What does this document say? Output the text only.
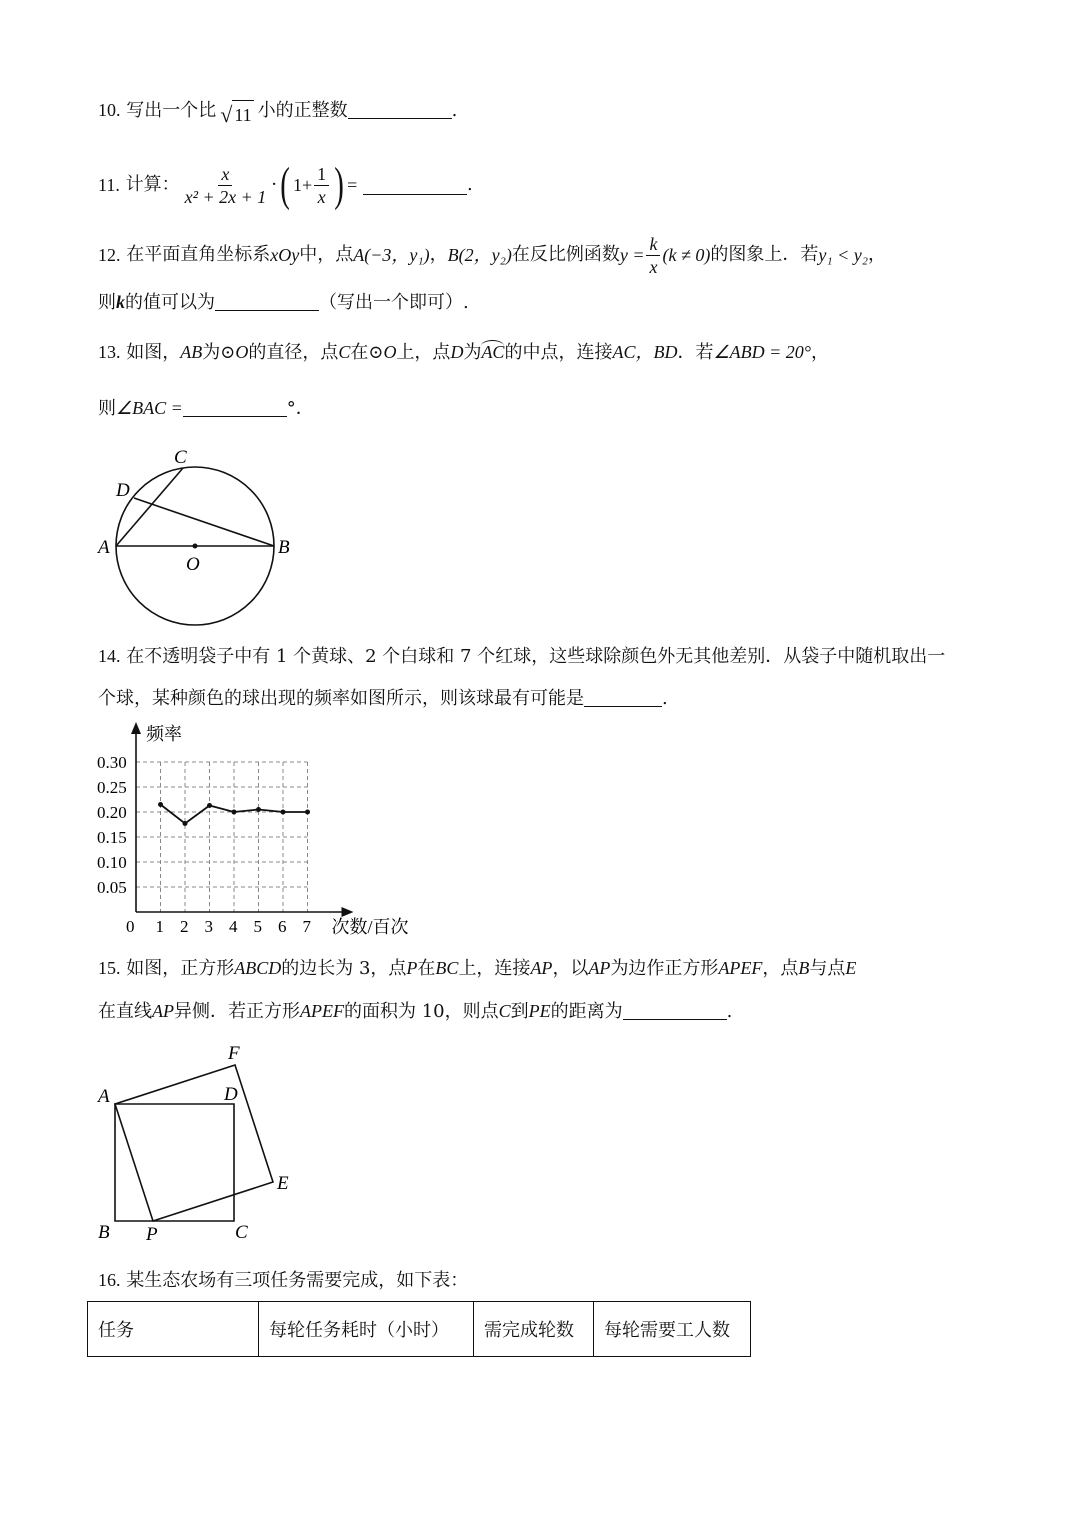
10. 写出一个比 √ 11 小的正整数	.
11.
计算： $\frac{x}{\text{x² + 2x + 1}}$ · ( $1+ \frac{1}{x}$ ) =
	.
12.
在平面直角坐标系 xOy 中，点 A(−3，y₁) ， B(2，y₂) 在反比例函数 $y = \frac{k}{x} (k \ne 0)$ 的图象上．若 y₁ < y₂ ，
则k的值可以为	（写出一个即可）.
13. 如图，AB为⊙O的直径，点C在⊙O上，点D为AC的中点，连接AC，BD．若∠ABD = 20°，
则∠BAC =	°．
A	B
C
D
O
14. 在不透明袋子中有 1 个黄球、2 个白球和 7 个红球，这些球除颜色外无其他差别．从袋子中随机取出一
个球，某种颜色的球出现的频率如图所示，则该球最有可能是	.
0 1 2 3 4 5 6 7
0.05
0.10
0.15
0.20
0.25
0.30
频率
次数/百次
15. 如图，正方形ABCD的边长为 3，点P在BC上，连接AP，以AP为边作正方形APEF，点B与点E
在直线AP异侧．若正方形APEF的面积为 10，则点C到PE的距离为	.
A
B	C
D
E
F
P
16. 某生态农场有三项任务需要完成，如下表：
任务	每轮任务耗时（小时）	需完成轮数	每轮需要工人数
